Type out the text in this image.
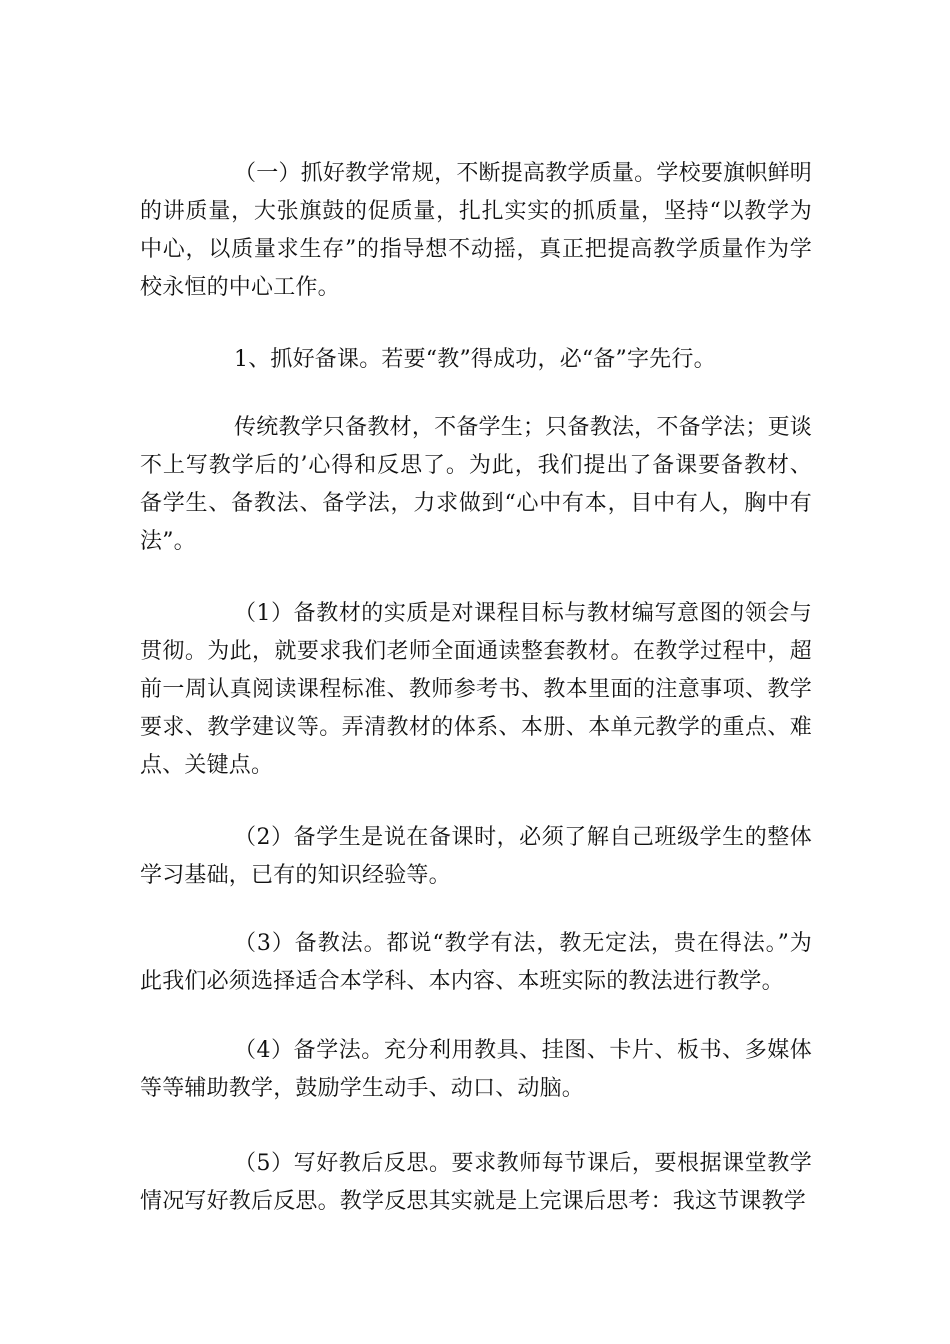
（一）抓好教学常规，不断提高教学质量。学校要旗帜鲜明的讲质量，大张旗鼓的促质量，扎扎实实的抓质量，坚持“以教学为中心，以质量求生存”的指导想不动摇，真正把提高教学质量作为学校永恒的中心工作。

1、抓好备课。若要“教”得成功，必“备”字先行。

传统教学只备教材，不备学生；只备教法，不备学法；更谈不上写教学后的’心得和反思了。为此，我们提出了备课要备教材、备学生、备教法、备学法，力求做到“心中有本，目中有人，胸中有法”。

（1）备教材的实质是对课程目标与教材编写意图的领会与贯彻。为此，就要求我们老师全面通读整套教材。在教学过程中，超前一周认真阅读课程标准、教师参考书、教本里面的注意事项、教学要求、教学建议等。弄清教材的体系、本册、本单元教学的重点、难点、关键点。

（2）备学生是说在备课时，必须了解自己班级学生的整体学习基础，已有的知识经验等。

（3）备教法。都说“教学有法，教无定法，贵在得法。”为此我们必须选择适合本学科、本内容、本班实际的教法进行教学。

（4）备学法。充分利用教具、挂图、卡片、板书、多媒体等等辅助教学，鼓励学生动手、动口、动脑。

（5）写好教后反思。要求教师每节课后，要根据课堂教学情况写好教后反思。教学反思其实就是上完课后思考：我这节课教学
